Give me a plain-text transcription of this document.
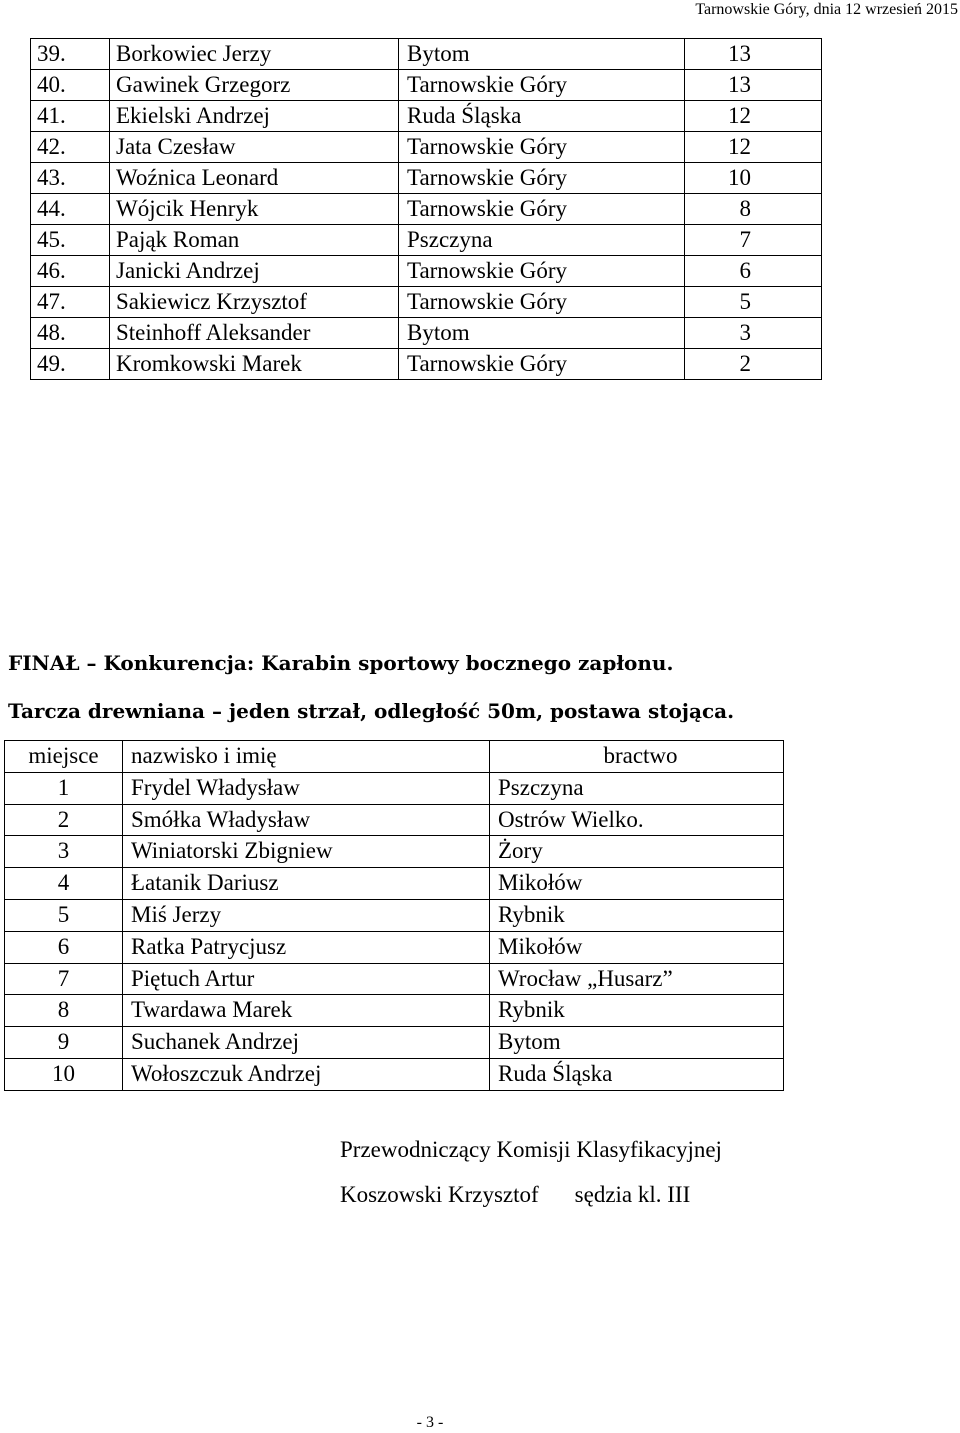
Tarnowskie Góry, dnia 12 wrzesień 2015
39.	Borkowiec Jerzy	Bytom	13
40.	Gawinek Grzegorz	Tarnowskie Góry	13
41.	Ekielski Andrzej	Ruda Śląska	12
42.	Jata Czesław	Tarnowskie Góry	12
43.	Woźnica Leonard	Tarnowskie Góry	10
44.	Wójcik Henryk	Tarnowskie Góry	8
45.	Pająk Roman	Pszczyna	7
46.	Janicki Andrzej	Tarnowskie Góry	6
47.	Sakiewicz Krzysztof	Tarnowskie Góry	5
48.	Steinhoff Aleksander	Bytom	3
49.	Kromkowski Marek	Tarnowskie Góry	2
FINAŁ – Konkurencja: Karabin sportowy bocznego zapłonu.
Tarcza drewniana – jeden strzał, odległość 50m, postawa stojąca.
miejsce	nazwisko i imię	bractwo
1	Frydel Władysław	Pszczyna
2	Smółka Władysław	Ostrów Wielko.
3	Winiatorski Zbigniew	Żory
4	Łatanik Dariusz	Mikołów
5	Miś Jerzy	Rybnik
6	Ratka Patrycjusz	Mikołów
7	Piętuch Artur	Wrocław „Husarz”
8	Twardawa Marek	Rybnik
9	Suchanek Andrzej	Bytom
10	Wołoszczuk Andrzej	Ruda Śląska
Przewodniczący Komisji Klasyfikacyjnej
Koszowski Krzysztof sędzia kl. III
- 3 -
